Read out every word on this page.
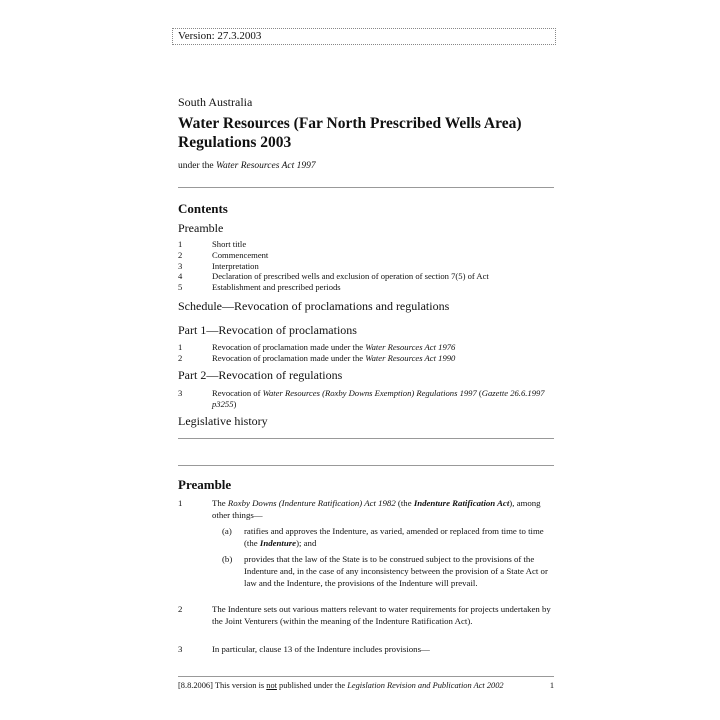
Version: 27.3.2003
South Australia
Water Resources (Far North Prescribed Wells Area)
Regulations 2003
under the Water Resources Act 1997
Contents
Preamble
1	Short title
2	Commencement
3	Interpretation
4	Declaration of prescribed wells and exclusion of operation of section 7(5) of Act
5	Establishment and prescribed periods
Schedule—Revocation of proclamations and regulations
Part 1—Revocation of proclamations
1	Revocation of proclamation made under the Water Resources Act 1976
2	Revocation of proclamation made under the Water Resources Act 1990
Part 2—Revocation of regulations
3	Revocation of Water Resources (Roxby Downs Exemption) Regulations 1997 (Gazette 26.6.1997 p3255)
Legislative history
Preamble
1	The Roxby Downs (Indenture Ratification) Act 1982 (the Indenture Ratification Act), among other things—
(a)	ratifies and approves the Indenture, as varied, amended or replaced from time to time (the Indenture); and
(b)	provides that the law of the State is to be construed subject to the provisions of the Indenture and, in the case of any inconsistency between the provision of a State Act or law and the Indenture, the provisions of the Indenture will prevail.
2	The Indenture sets out various matters relevant to water requirements for projects undertaken by the Joint Venturers (within the meaning of the Indenture Ratification Act).
3	In particular, clause 13 of the Indenture includes provisions—
[8.8.2006] This version is not published under the Legislation Revision and Publication Act 2002	1
